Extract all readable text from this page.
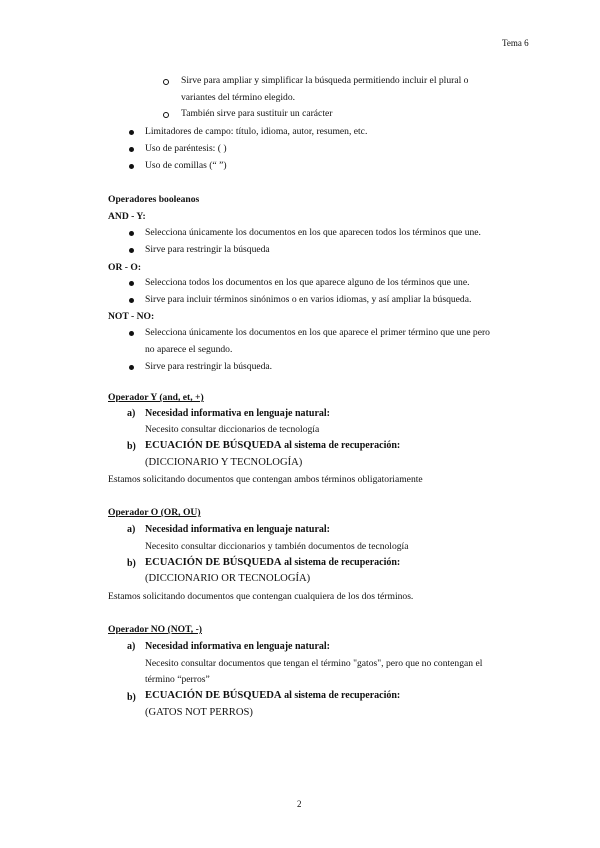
Tema 6
Sirve para ampliar y simplificar la búsqueda permitiendo incluir el plural o
variantes del término elegido.
También sirve para sustituir un carácter
Limitadores de campo: título, idioma, autor, resumen, etc.
Uso de paréntesis: ( )
Uso de comillas (“ ”)
Operadores booleanos
AND - Y:
Selecciona únicamente los documentos en los que aparecen todos los términos que une.
Sirve para restringir la búsqueda
OR - O:
Selecciona todos los documentos en los que aparece alguno de los términos que une.
Sirve para incluir términos sinónimos o en varios idiomas, y así ampliar la búsqueda.
NOT - NO:
Selecciona únicamente los documentos en los que aparece el primer término que une pero
no aparece el segundo.
Sirve para restringir la búsqueda.
Operador Y (and, et, +)
a) Necesidad informativa en lenguaje natural:
Necesito consultar diccionarios de tecnología
b) ECUACIÓN DE BÚSQUEDA al sistema de recuperación:
(DICCIONARIO Y TECNOLOGÍA)
Estamos solicitando documentos que contengan ambos términos obligatoriamente
Operador O (OR, OU)
a) Necesidad informativa en lenguaje natural:
Necesito consultar diccionarios y también documentos de tecnología
b) ECUACIÓN DE BÚSQUEDA al sistema de recuperación:
(DICCIONARIO OR TECNOLOGÍA)
Estamos solicitando documentos que contengan cualquiera de los dos términos.
Operador NO (NOT, -)
a) Necesidad informativa en lenguaje natural:
Necesito consultar documentos que tengan el término "gatos", pero que no contengan el
término “perros”
b) ECUACIÓN DE BÚSQUEDA al sistema de recuperación:
(GATOS NOT PERROS)
2
